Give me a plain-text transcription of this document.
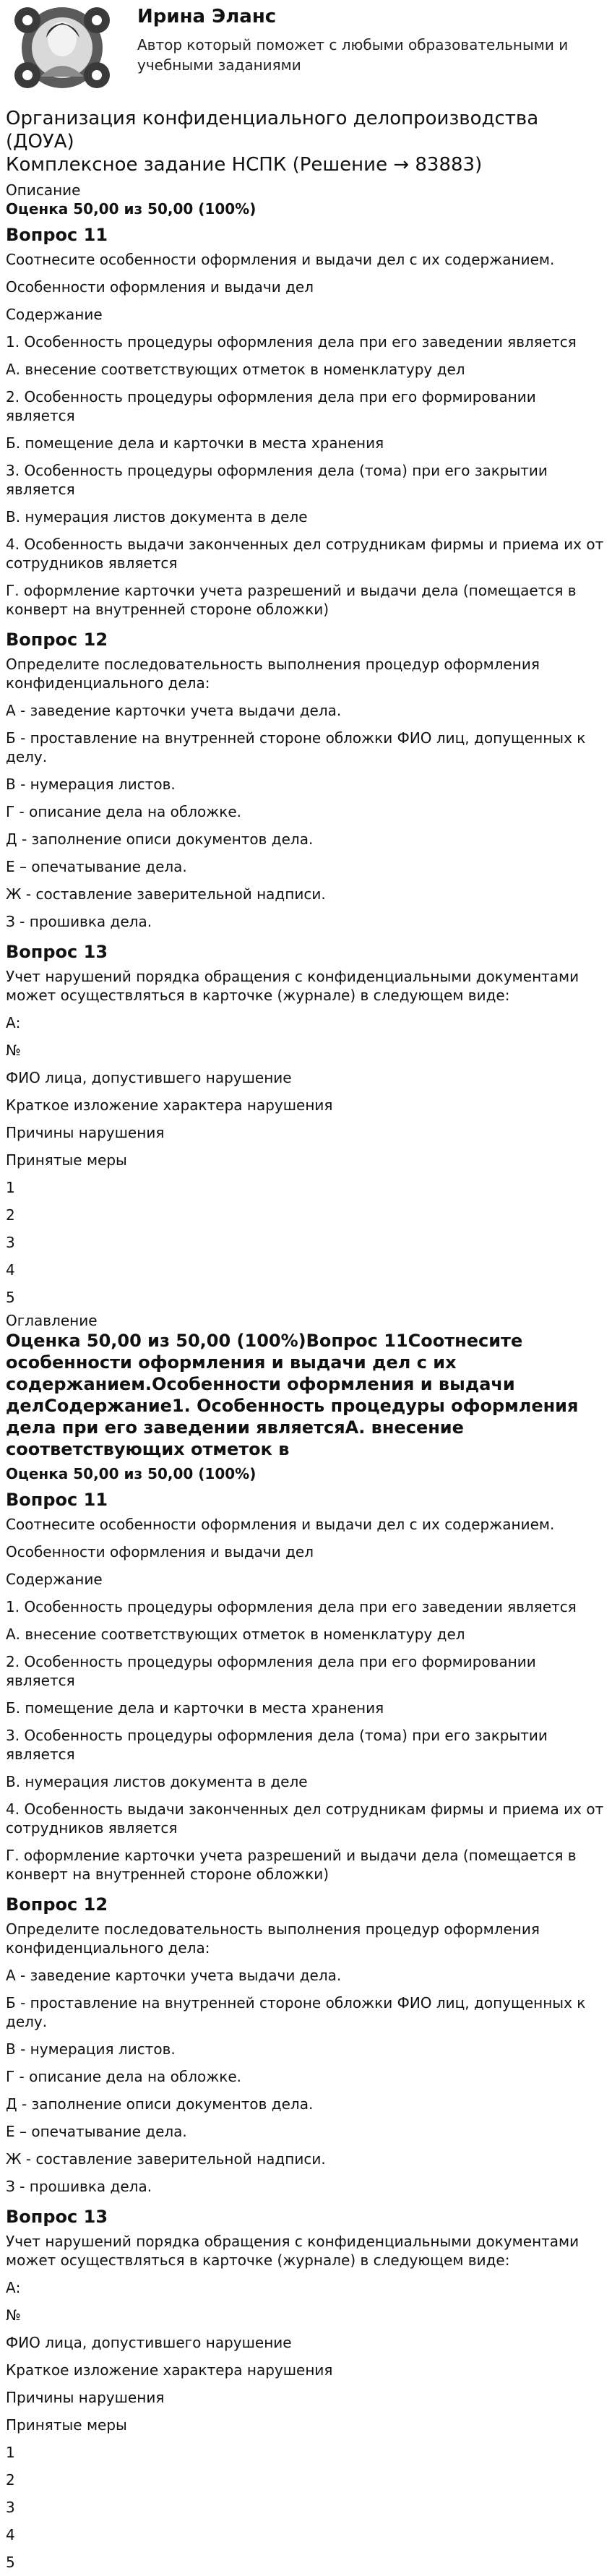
Ирина Эланс
Автор который поможет с любыми образовательными и учебными заданиями
Организация конфиденциального делопроизводства (ДОУА)
Комплексное задание НСПК (Решение → 83883)
Описание
Оценка 50,00 из 50,00 (100%)
Вопрос 11

Соотнесите особенности оформления и выдачи дел с их содержанием.

Особенности оформления и выдачи дел

Содержание

1. Особенность процедуры оформления дела при его заведении является

А. внесение соответствующих отметок в номенклатуру дел

2. Особенность процедуры оформления дела при его формировании является

Б. помещение дела и карточки в места хранения

3. Особенность процедуры оформления дела (тома) при его закрытии является

В. нумерация листов документа в деле

4. Особенность выдачи законченных дел сотрудникам фирмы и приема их от сотрудников является

Г. оформление карточки учета разрешений и выдачи дела (помещается в конверт на внутренней стороне обложки)

Вопрос 12

Определите последовательность выполнения процедур оформления конфиденциального дела:

А - заведение карточки учета выдачи дела.

Б - проставление на внутренней стороне обложки ФИО лиц, допущенных к делу.

В - нумерация листов.

Г - описание дела на обложке.

Д - заполнение описи документов дела.

Е – опечатывание дела.

Ж - составление заверительной надписи.

З - прошивка дела.

Вопрос 13

Учет нарушений порядка обращения с конфиденциальными документами может осуществляться в карточке (журнале) в следующем виде:

А:

№

ФИО лица, допустившего нарушение

Краткое изложение характера нарушения

Причины нарушения

Принятые меры

1

2

3

4

5

Оглавление
Оценка 50,00 из 50,00 (100%)Вопрос 11Соотнесите особенности оформления и выдачи дел с их содержанием.Особенности оформления и выдачи делСодержание1. Особенность процедуры оформления дела при его заведении являетсяА. внесение соответствующих отметок в
Оценка 50,00 из 50,00 (100%)
Вопрос 11

Соотнесите особенности оформления и выдачи дел с их содержанием.

Особенности оформления и выдачи дел

Содержание

1. Особенность процедуры оформления дела при его заведении является

А. внесение соответствующих отметок в номенклатуру дел

2. Особенность процедуры оформления дела при его формировании является

Б. помещение дела и карточки в места хранения

3. Особенность процедуры оформления дела (тома) при его закрытии является

В. нумерация листов документа в деле

4. Особенность выдачи законченных дел сотрудникам фирмы и приема их от сотрудников является

Г. оформление карточки учета разрешений и выдачи дела (помещается в конверт на внутренней стороне обложки)

Вопрос 12

Определите последовательность выполнения процедур оформления конфиденциального дела:

А - заведение карточки учета выдачи дела.

Б - проставление на внутренней стороне обложки ФИО лиц, допущенных к делу.

В - нумерация листов.

Г - описание дела на обложке.

Д - заполнение описи документов дела.

Е – опечатывание дела.

Ж - составление заверительной надписи.

З - прошивка дела.

Вопрос 13

Учет нарушений порядка обращения с конфиденциальными документами может осуществляться в карточке (журнале) в следующем виде:

А:

№

ФИО лица, допустившего нарушение

Краткое изложение характера нарушения

Причины нарушения

Принятые меры

1

2

3

4

5
